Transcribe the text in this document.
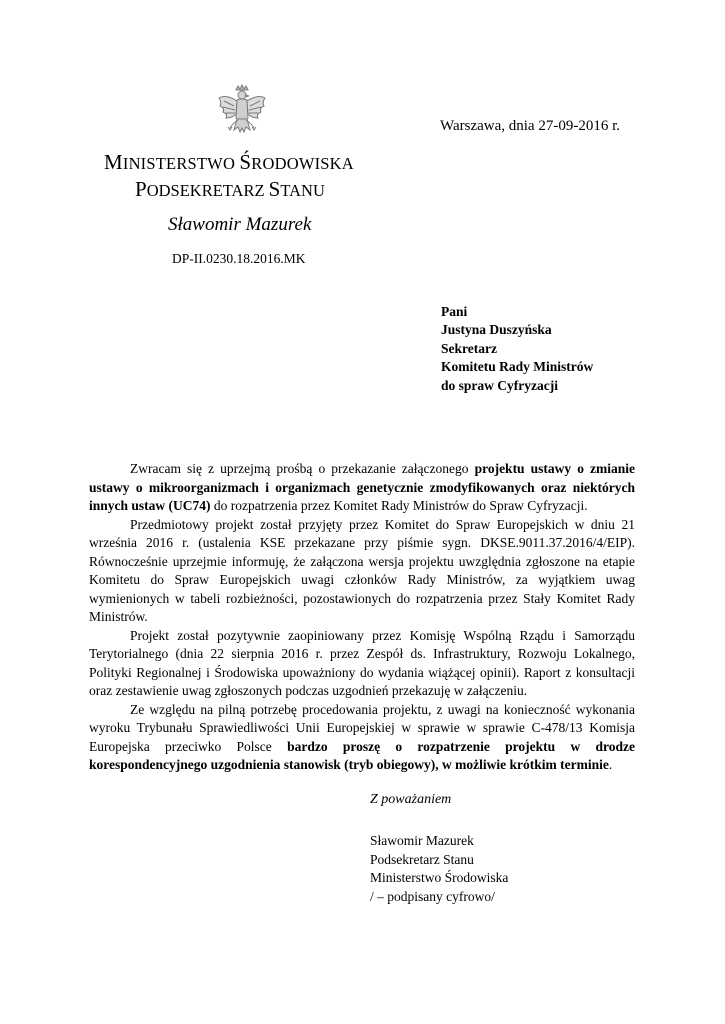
Warszawa, dnia 27-09-2016 r.
MINISTERSTWO ŚRODOWISKA
PODSEKRETARZ STANU
Sławomir Mazurek
DP-II.0230.18.2016.MK
Pani
Justyna Duszyńska
Sekretarz
Komitetu Rady Ministrów
do spraw Cyfryzacji

Zwracam się z uprzejmą prośbą o przekazanie załączonego projektu ustawy o zmianie ustawy o mikroorganizmach i organizmach genetycznie zmodyfikowanych oraz niektórych innych ustaw (UC74) do rozpatrzenia przez Komitet Rady Ministrów do Spraw Cyfryzacji.

Przedmiotowy projekt został przyjęty przez Komitet do Spraw Europejskich w dniu 21 września 2016 r. (ustalenia KSE przekazane przy piśmie sygn. DKSE.9011.37.2016/4/EIP). Równocześnie uprzejmie informuję, że załączona wersja projektu uwzględnia zgłoszone na etapie Komitetu do Spraw Europejskich uwagi członków Rady Ministrów, za wyjątkiem uwag wymienionych w tabeli rozbieżności, pozostawionych do rozpatrzenia przez Stały Komitet Rady Ministrów.

Projekt został pozytywnie zaopiniowany przez Komisję Wspólną Rządu i Samorządu Terytorialnego (dnia 22 sierpnia 2016 r. przez Zespół ds. Infrastruktury, Rozwoju Lokalnego, Polityki Regionalnej i Środowiska upoważniony do wydania wiążącej opinii). Raport z konsultacji oraz zestawienie uwag zgłoszonych podczas uzgodnień przekazuję w załączeniu.

Ze względu na pilną potrzebę procedowania projektu, z uwagi na konieczność wykonania wyroku Trybunału Sprawiedliwości Unii Europejskiej w sprawie w sprawie C-478/13 Komisja Europejska przeciwko Polsce bardzo proszę o rozpatrzenie projektu w drodze korespondencyjnego uzgodnienia stanowisk (tryb obiegowy), w możliwie krótkim terminie.

Z poważaniem
Sławomir Mazurek
Podsekretarz Stanu
Ministerstwo Środowiska
/ – podpisany cyfrowo/
